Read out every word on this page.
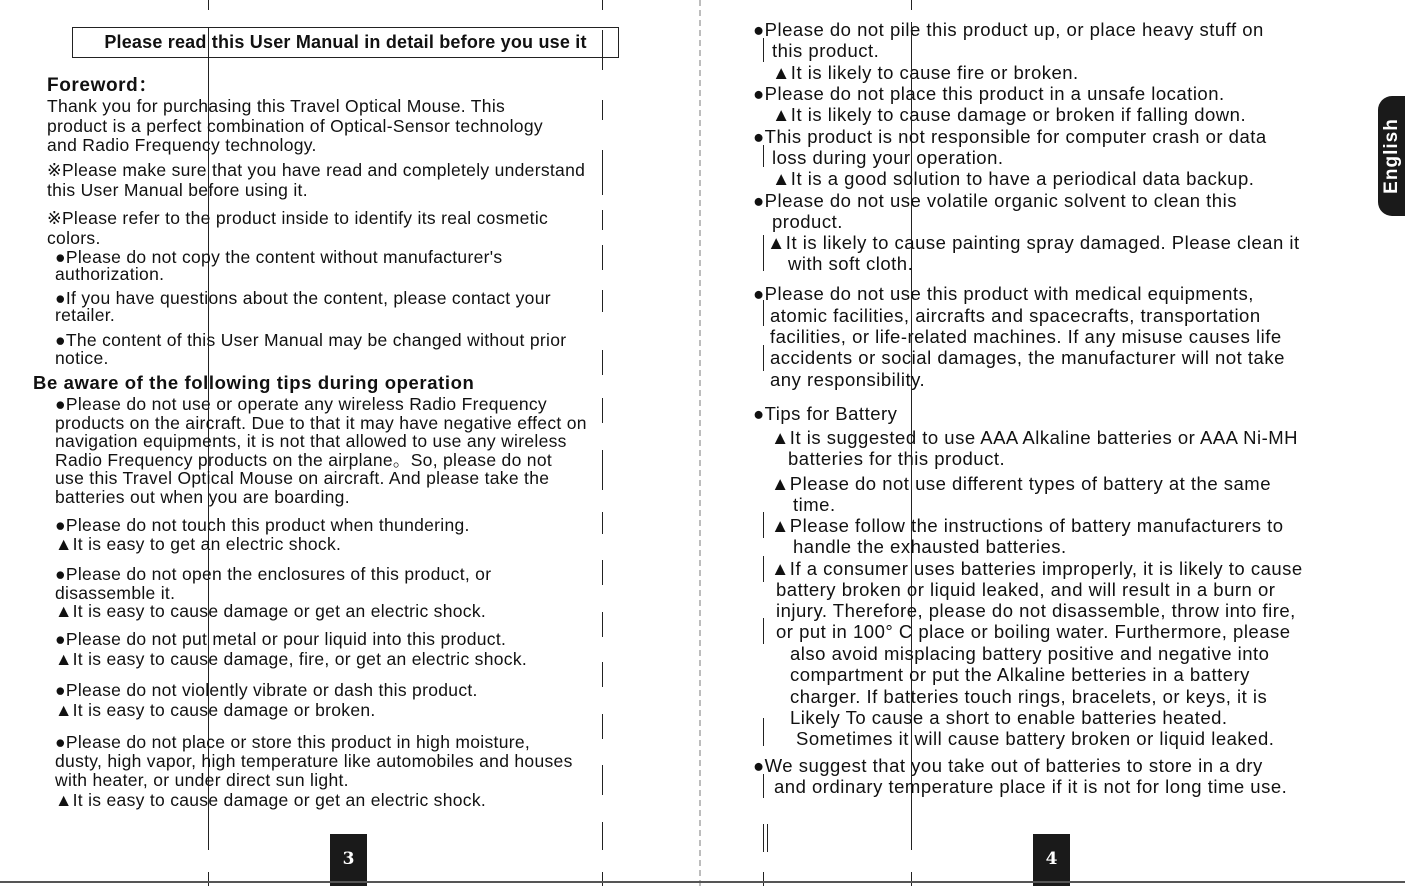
Please read this User Manual in detail before you use it
Foreword：
Thank you for purchasing this Travel Optical Mouse. This
product is a perfect combination of Optical-Sensor technology
and Radio Frequency technology.
※Please make sure that you have read and completely understand
this User Manual before using it.
※Please refer to the product inside to identify its real cosmetic
colors.
●Please do not copy the content without manufacturer's
authorization.
●If you have questions about the content, please contact your
retailer.
●The content of this User Manual may be changed without prior
notice.
Be aware of the following tips during operation
●Please do not use or operate any wireless Radio Frequency
products on the aircraft. Due to that it may have negative effect on
navigation equipments, it is not that allowed to use any wireless
Radio Frequency products on the airplane。So, please do not
use this Travel Optical Mouse on aircraft. And please take the
batteries out when you are boarding.
●Please do not touch this product when thundering.
▲It is easy to get an electric shock.
●Please do not open the enclosures of this product, or
disassemble it.
▲It is easy to cause damage or get an electric shock.
●Please do not put metal or pour liquid into this product.
▲It is easy to cause damage, fire, or get an electric shock.
●Please do not violently vibrate or dash this product.
▲It is easy to cause damage or broken.
●Please do not place or store this product in high moisture,
dusty, high vapor, high temperature like automobiles and houses
with heater, or under direct sun light.
▲It is easy to cause damage or get an electric shock.
3
●Please do not pile this product up, or place heavy stuff on
this product.
▲It is likely to cause fire or broken.
●Please do not place this product in a unsafe location.
▲It is likely to cause damage or broken if falling down.
●This product is not responsible for computer crash or data
loss during your operation.
▲It is a good solution to have a periodical data backup.
●Please do not use volatile organic solvent to clean this
product.
▲It is likely to cause painting spray damaged. Please clean it
with soft cloth.
●Please do not use this product with medical equipments,
atomic facilities, aircrafts and spacecrafts, transportation
facilities, or life-related machines. If any misuse causes life
accidents or social damages, the manufacturer will not take
any responsibility.
●Tips for Battery
▲It is suggested to use AAA Alkaline batteries or AAA Ni-MH
batteries for this product.
▲Please do not use different types of battery at the same
time.
▲Please follow the instructions of battery manufacturers to
handle the exhausted batteries.
▲If a consumer uses batteries improperly, it is likely to cause
battery broken or liquid leaked, and will result in a burn or
injury. Therefore, please do not disassemble, throw into fire,
or put in 100° C place or boiling water. Furthermore, please
also avoid misplacing battery positive and negative into
compartment or put the Alkaline betteries in a battery
charger. If batteries touch rings, bracelets, or keys, it is
Likely To cause a short to enable batteries heated.
Sometimes it will cause battery broken or liquid leaked.
●We suggest that you take out of batteries to store in a dry
and ordinary temperature place if it is not for long time use.
4
English
